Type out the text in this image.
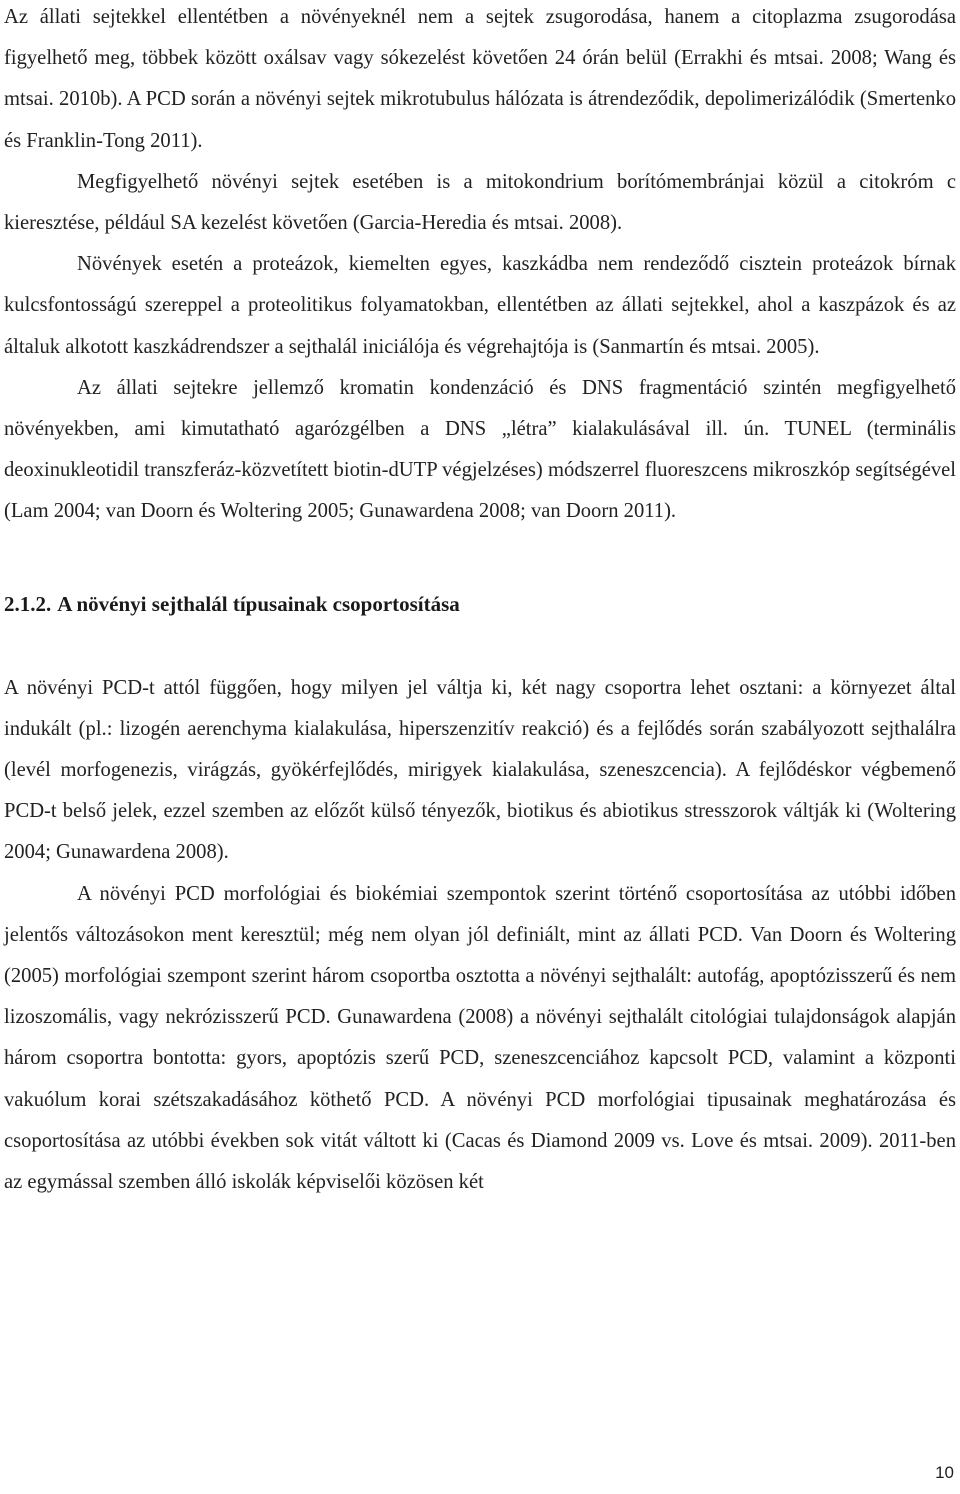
Az állati sejtekkel ellentétben a növényeknél nem a sejtek zsugorodása, hanem a citoplazma zsugorodása figyelhető meg, többek között oxálsav vagy sókezelést követően 24 órán belül (Errakhi és mtsai. 2008; Wang és mtsai. 2010b). A PCD során a növényi sejtek mikrotubulus hálózata is átrendeződik, depolimerizálódik (Smertenko és Franklin-Tong 2011).

Megfigyelhető növényi sejtek esetében is a mitokondrium borítómembránjai közül a citokróm c kieresztése, például SA kezelést követően (Garcia-Heredia és mtsai. 2008).

Növények esetén a proteázok, kiemelten egyes, kaszkádba nem rendeződő cisztein proteázok bírnak kulcsfontosságú szereppel a proteolitikus folyamatokban, ellentétben az állati sejtekkel, ahol a kaszpázok és az általuk alkotott kaszkádrendszer a sejthalál iniciálója és végrehajtója is (Sanmartín és mtsai. 2005).

Az állati sejtekre jellemző kromatin kondenzáció és DNS fragmentáció szintén megfigyelhető növényekben, ami kimutatható agarózgélben a DNS „létra” kialakulásával ill. ún. TUNEL (terminális deoxinukleotidil transzferáz-közvetített biotin-dUTP végjelzéses) módszerrel fluoreszcens mikroszkóp segítségével (Lam 2004; van Doorn és Woltering 2005; Gunawardena 2008; van Doorn 2011).

2.1.2. A növényi sejthalál típusainak csoportosítása

A növényi PCD-t attól függően, hogy milyen jel váltja ki, két nagy csoportra lehet osztani: a környezet által indukált (pl.: lizogén aerenchyma kialakulása, hiperszenzitív reakció) és a fejlődés során szabályozott sejthalálra (levél morfogenezis, virágzás, gyökérfejlődés, mirigyek kialakulása, szeneszcencia). A fejlődéskor végbemenő PCD-t belső jelek, ezzel szemben az előzőt külső tényezők, biotikus és abiotikus stresszorok váltják ki (Woltering 2004; Gunawardena 2008).

A növényi PCD morfológiai és biokémiai szempontok szerint történő csoportosítása az utóbbi időben jelentős változásokon ment keresztül; még nem olyan jól definiált, mint az állati PCD. Van Doorn és Woltering (2005) morfológiai szempont szerint három csoportba osztotta a növényi sejthalált: autofág, apoptózisszerű és nem lizoszomális, vagy nekrózisszerű PCD. Gunawardena (2008) a növényi sejthalált citológiai tulajdonságok alapján három csoportra bontotta: gyors, apoptózis szerű PCD, szeneszcenciához kapcsolt PCD, valamint a központi vakuólum korai szétszakadásához köthető PCD. A növényi PCD morfológiai tipusainak meghatározása és csoportosítása az utóbbi években sok vitát váltott ki (Cacas és Diamond 2009 vs. Love és mtsai. 2009). 2011-ben az egymással szemben álló iskolák képviselői közösen két

10
